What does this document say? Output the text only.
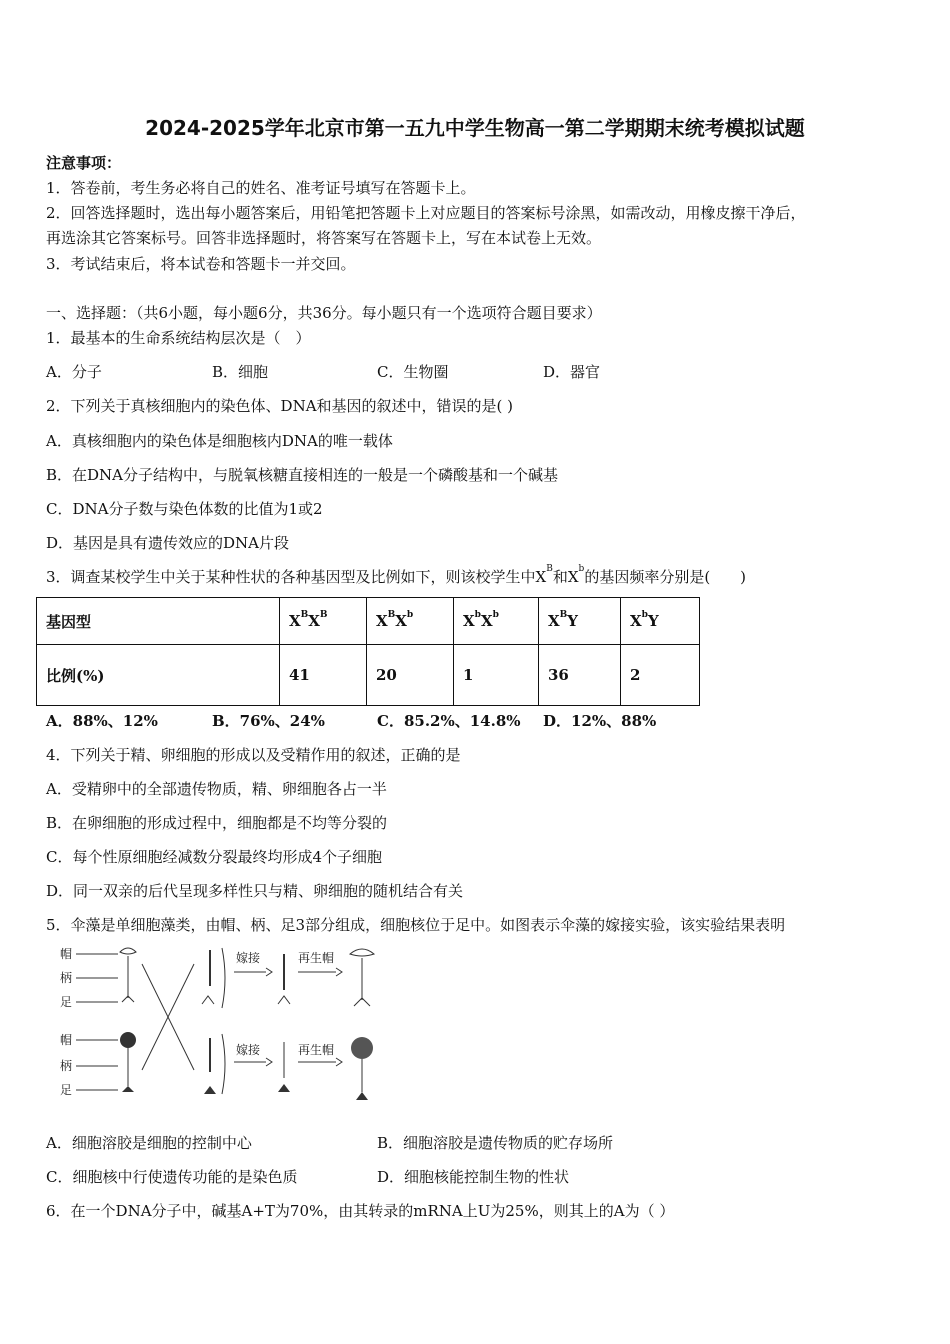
2024-2025学年北京市第一五九中学生物高一第二学期期末统考模拟试题
注意事项：
1．答卷前，考生务必将自己的姓名、准考证号填写在答题卡上。
2．回答选择题时，选出每小题答案后，用铅笔把答题卡上对应题目的答案标号涂黑，如需改动，用橡皮擦干净后，
再选涂其它答案标号。回答非选择题时，将答案写在答题卡上，写在本试卷上无效。
3．考试结束后，将本试卷和答题卡一并交回。
一、选择题：（共6小题，每小题6分，共36分。每小题只有一个选项符合题目要求）
1．最基本的生命系统结构层次是（　）
A．分子	B．细胞	C．生物圈	D．器官
2．下列关于真核细胞内的染色体、DNA和基因的叙述中，错误的是( )
A．真核细胞内的染色体是细胞核内DNA的唯一载体
B．在DNA分子结构中，与脱氧核糖直接相连的一般是一个磷酸基和一个碱基
C．DNA分子数与染色体数的比值为1或2
D．基因是具有遗传效应的DNA片段
3．调查某校学生中关于某种性状的各种基因型及比例如下，则该校学生中$X^B$和$X^b$的基因频率分别是(　　)
基因型	$X^BX^B$	$X^BX^b$	$X^bX^b$	$X^BY$	$X^bY$
比例(%)	41	20	1	36	2
A．88%、12%	B．76%、24%	C．85.2%、14.8% D．12%、88%
4．下列关于精、卵细胞的形成以及受精作用的叙述，正确的是
A．受精卵中的全部遗传物质，精、卵细胞各占一半
B．在卵细胞的形成过程中，细胞都是不均等分裂的
C．每个性原细胞经减数分裂最终均形成4个子细胞
D．同一双亲的后代呈现多样性只与精、卵细胞的随机结合有关
5．伞藻是单细胞藻类，由帽、柄、足3部分组成，细胞核位于足中。如图表示伞藻的嫁接实验，该实验结果表明
帽
柄
足
帽
柄
足
嫁接	再生帽
嫁接	再生帽
A．细胞溶胶是细胞的控制中心	B．细胞溶胶是遗传物质的贮存场所
C．细胞核中行使遗传功能的是染色质	D．细胞核能控制生物的性状
6．在一个DNA分子中，碱基A+T为70%，由其转录的mRNA上U为25%，则其上的A为（ ）
